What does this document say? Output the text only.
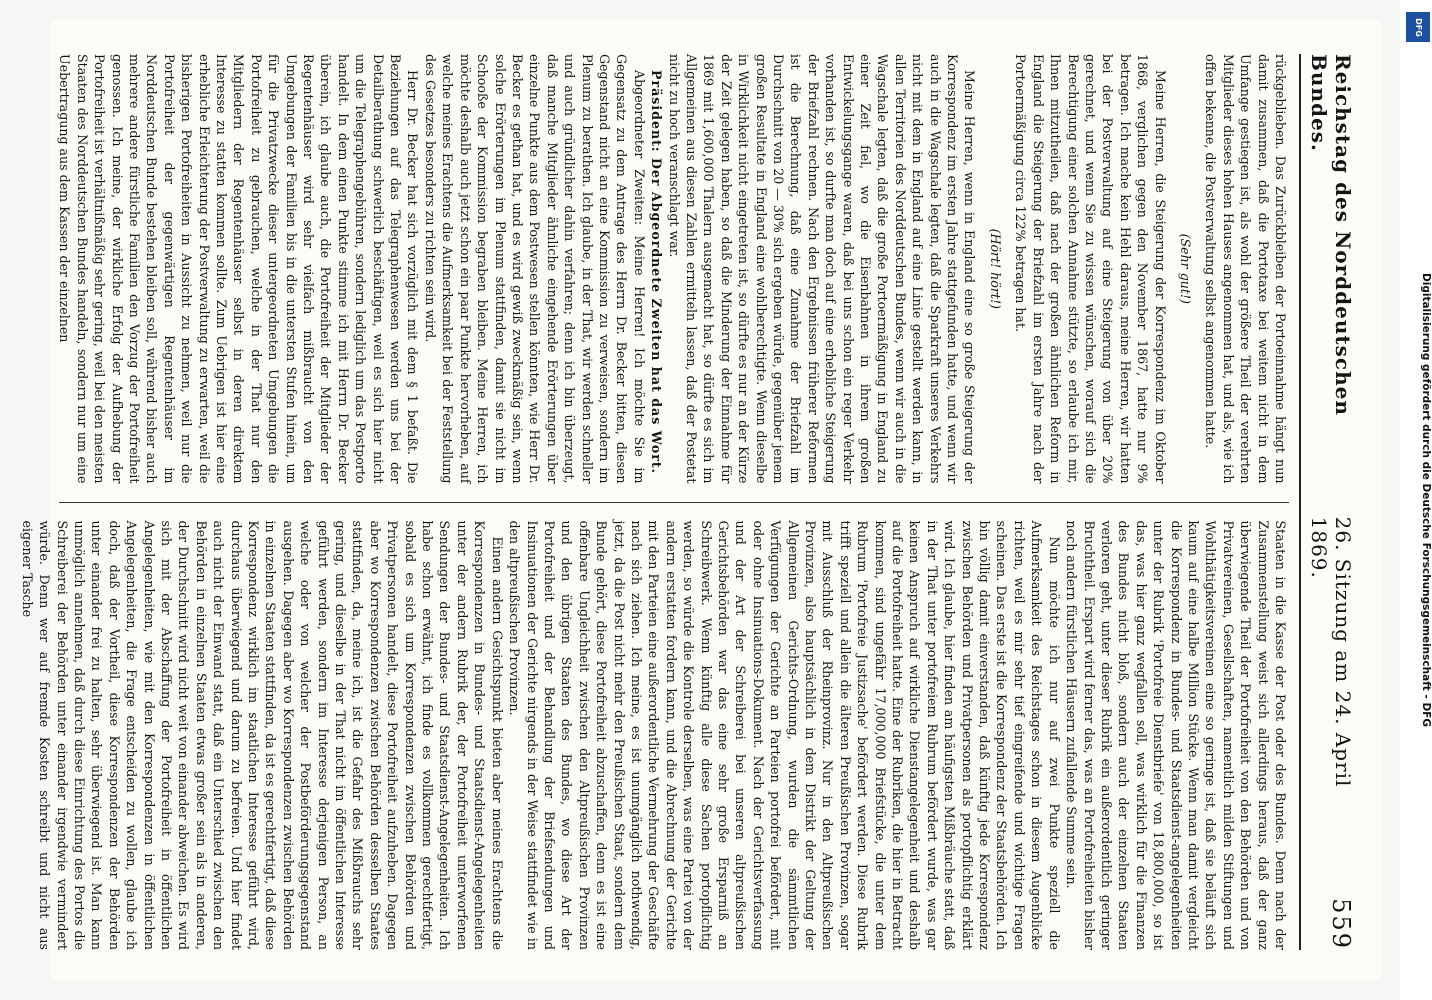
Reichstag des Norddeutschen Bundes.
26. Sitzung am 24. April 1869.
559

rückgeblieben. Das Zurückbleiben der Portoeinnahme hängt nun damit zusammen, daß die Portotaxe bei weitem nicht in dem Umfange gestiegen ist, als wohl der größere Theil der verehrten Mitglieder dieses hohen Hauses angenommen hat, und als, wie ich offen bekenne, die Postverwaltung selbst angenommen hatte.

(Sehr gut!)

Meine Herren, die Steigerung der Korrespondenz im Oktober 1868, verglichen gegen den November 1867, hatte nur 9% betragen. Ich mache kein Hehl daraus, meine Herren, wir hatten bei der Postverwaltung auf eine Steigerung von über 20% gerechnet, und wenn Sie zu wissen wünschen, worauf sich die Berechtigung einer solchen Annahme stützte, so erlaube ich mir, Ihnen mitzutheilen, daß nach der großen ähnlichen Reform in England die Steigerung der Briefzahl im ersten Jahre nach der Portoermäßigung circa 122% betragen hat.

(Hört! hört!)

Meine Herren, wenn in England eine so große Steigerung der Korrespondenz im ersten Jahre stattgefunden hatte, und wenn wir auch in die Wagschale legten, daß die Sparkraft unseres Verkehrs nicht mit dem in England auf eine Linie gestellt werden kann, in allen Territorien des Norddeutschen Bundes, wenn wir auch in die Wagschale legten, daß die große Portoermäßigung in England zu einer Zeit fiel, wo die Eisenbahnen in ihrem großen Entwickelungsgange waren, daß bei uns schon ein reger Verkehr vorhanden ist, so durfte man doch auf eine erhebliche Steigerung der Briefzahl rechnen. Nach den Ergebnissen früherer Reformen ist die Berechnung, daß eine Zunahme der Briefzahl im Durchschnitt von 20 — 30% sich ergeben würde, gegenüber jenem großen Resultate in England eine wohlberechtigte. Wenn dieselbe in Wirklichkeit nicht eingetreten ist, so dürfte es nur an der Kürze der Zeit gelegen haben, so daß die Minderung der Einnahme für 1869 mit 1,600,000 Thalern ausgemacht hat, so dürfte es sich im Allgemeinen aus diesen Zahlen ermitteln lassen, daß der Postetat nicht zu hoch veranschlagt war.

Präsident: Der Abgeordnete Zweiten hat das Wort.

Abgeordneter Zweiten: Meine Herren! Ich möchte Sie im Gegensatz zu dem Antrage des Herrn Dr. Becker bitten, diesen Gegenstand nicht an eine Kommission zu verweisen, sondern im Plenum zu berathen. Ich glaube, in der That, wir werden schneller und auch gründlicher dahin verfahren; denn ich bin überzeugt, daß manche Mitglieder ähnliche eingehende Erörterungen über einzelne Punkte aus dem Postwesen stellen könnten, wie Herr Dr. Becker es gethan hat, und es wird gewiß zweckmäßig sein, wenn solche Erörterungen im Plenum stattfinden, damit sie nicht im Schooße der Kommission begraben bleiben. Meine Herren, ich möchte deshalb auch jetzt schon ein paar Punkte hervorheben, auf welche meines Erachtens die Aufmerksamkeit bei der Feststellung des Gesetzes besonders zu richten sein wird.

Herr Dr. Becker hat sich vorzüglich mit dem § 1 befaßt. Die Beziehungen auf das Telegraphenwesen werden uns bei der Detailberathung schwerlich beschäftigen, weil es sich hier nicht um die Telegraphengebühren, sondern lediglich um das Postporto handelt. In dem einen Punkte stimme ich mit Herrn Dr. Becker überein, ich glaube auch, die Portofreiheit der Mitglieder der Regentenhäuser wird sehr vielfach mißbraucht von den Umgebungen der Familien bis in die untersten Stufen hinein, um für die Privatzwecke dieser untergeordneten Umgebungen die Portofreiheit zu gebrauchen, welche in der That nur den Mitgliedern der Regentenhäuser selbst in deren direktem Interesse zu statten kommen sollte. Zum Uebrigen ist hier eine erhebliche Erleichterung der Postverwaltung zu erwarten, weil die bisherigen Portofreiheiten in Aussicht zu nehmen, weil nur die Portofreiheit der gegenwärtigen Regentenhäuser im Norddeutschen Bunde bestehen bleiben soll, während bisher auch mehrere andere fürstliche Familien den Vorzug der Portofreiheit genossen. Ich meine, der wirkliche Erfolg der Aufhebung der Portofreiheit ist verhältnißmäßig sehr gering, weil bei den meisten Staaten des Norddeutschen Bundes handeln, sondern nur um eine Uebertragung aus dem Kassen der einzelnen

Staaten in die Kasse der Post oder des Bundes. Denn nach der Zusammenstellung weist sich allerdings heraus, daß der ganz überwiegende Theil der Portofreiheit von den Behörden und von Privatvereinen, Gesellschaften, namentlich milden Stiftungen und Wohlthätigkeitsvereinen eine so geringe ist, daß sie beläuft sich kaum auf eine halbe Million Stücke. Wenn man damit vergleicht die Korrespondenz in Bundes- und Staatsdienst-angelegenheiten unter der Rubrik 'Portofreie Dienstbriefe' von 18,800,000, so ist das, was hier ganz wegfallen soll, was wirklich für die Finanzen des Bundes nicht bloß, sondern auch der einzelnen Staaten verloren geht, unter dieser Rubrik ein außerordentlich geringer Bruchtheil. Erspart wird ferner das, was an Portofreiheiten bisher noch andern fürstlichen Häusern zufallende Summe sein.

Nun möchte ich nur auf zwei Punkte speziell die Aufmerksamkeit des Reichstages schon in diesem Augenblicke richten, weil es mir sehr tief eingreifende und wichtige Fragen scheinen. Das erste ist die Korrespondenz der Staatsbehörden. Ich bin völlig damit einverstanden, daß künftig jede Korrespondenz zwischen Behörden und Privatpersonen als portopflichtig erklärt wird. Ich glaube, hier finden am häufigsten Mißbräuche statt, daß in der That unter portofreiem Rubrum befördert wurde, was gar keinen Anspruch auf wirkliche Dienstangelegenheit und deshalb auf die Portofreiheit hatte. Eine der Rubriken, die hier in Betracht kommen, sind ungefähr 17,000,000 Briefstücke, die unter dem Rubrum 'Portofreie Justizsache' befördert werden. Diese Rubrik trifft speziell und allein die älteren Preußischen Provinzen, sogar mit Ausschluß der Rheinprovinz. Nur in den Altpreußischen Provinzen, also hauptsächlich in dem Distrikt der Geltung der Allgemeinen Gerichts-Ordnung, wurden die sämmtlichen Verfügungen der Gerichte an Parteien portofrei befördert, mit oder ohne Insinuations-Dokument. Nach der Gerichtsverfassung und der Art der Schreiberei bei unseren altpreußischen Gerichtsbehörden war das eine sehr große Ersparniß an Schreibwerk. Wenn künftig alle diese Sachen portopflichtig werden, so würde die Kontrole derselben, was eine Partei von der andern erstatten fordern kann, und die Abrechnung der Gerichte mit den Parteien eine außerordentliche Vermehrung der Geschäfte nach sich ziehen. Ich meine, es ist unumgänglich nothwendig, jetzt, da die Post nicht mehr den Preußischen Staat, sondern dem Bunde gehört, diese Portofreiheit abzuschaffen, denn es ist eine offenbare Ungleichheit zwischen den Altpreußischen Provinzen und den übrigen Staaten des Bundes, wo diese Art der Portofreiheit und der Behandlung der Briefsendungen und Insinuationen der Gerichte nirgends in der Weise stattfindet wie in den altpreußischen Provinzen.

Einen andern Gesichtspunkt bieten aber meines Erachtens die Korrespondenzen in Bundes- und Staatsdienst-Angelegenheiten unter der andern Rubrik der, der Portofreiheit unterworfenen Sendungen der Bundes- und Staatsdienst-Angelegenheiten. Ich habe schon erwähnt, ich finde es vollkommen gerechtfertigt, sobald es sich um Korrespondenzen zwischen Behörden und Privatpersonen handelt, diese Portofreiheit aufzuheben. Dagegen aber wo Korrespondenzen zwischen Behörden desselben Staates stattfinden, da, meine ich, ist die Gefahr des Mißbrauchs sehr gering, und dieselbe in der That nicht im öffentlichen Interesse geführt werden, sondern im Interesse derjenigen Person, an welche oder von welcher der Postbeförderungsgegenstand ausgehen. Dagegen aber wo Korrespondenzen zwischen Behörden in einzelnen Staaten stattfinden, da ist es gerechtfertigt, daß diese Korrespondenz wirklich im staatlichen Interesse geführt wird, durchaus überwiegend und darum zu befreien. Und hier findet auch nicht der Einwand statt, daß ein Unterschied zwischen den Behörden in einzelnen Staaten etwas großer sein als in anderen, der Durchschnitt wird nicht weit von einander abweichen. Es wird sich mit der Abschaffung der Portofreiheit in öffentlichen Angelegenheiten, wie mit den Korrespondenzen in öffentlichen Angelegenheiten, die Frage entscheiden zu wollen, glaube ich doch, daß der Vortheil, diese Korrespondenzen der Behörden unter einander frei zu halten, sehr überwiegend ist. Man kann unmöglich annehmen, daß durch diese Einrichtung des Portos die Schreiberei der Behörden unter einander irgendwie vermindert würde. Denn wer auf fremde Kosten schreibt und nicht aus eigener Tasche	Digitalisierung gefördert durch die Deutsche Forschungsgemeinschaft - DFG
DFG
